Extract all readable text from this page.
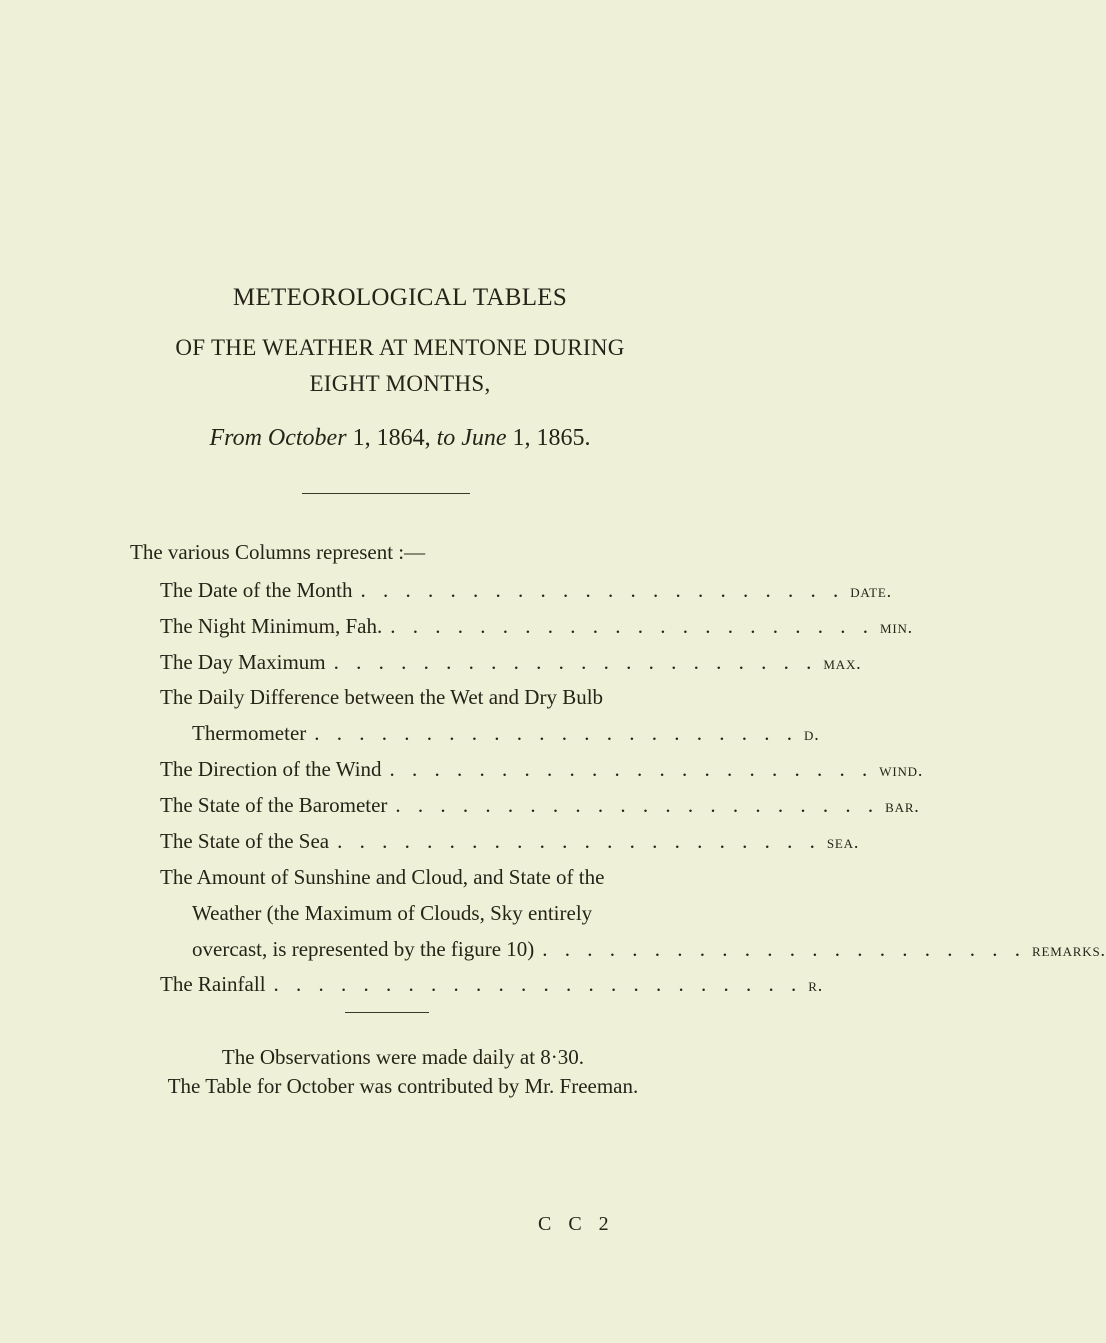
METEOROLOGICAL TABLES
OF THE WEATHER AT MENTONE DURING
EIGHT MONTHS,
From October 1, 1864, to June 1, 1865.
The various Columns represent :—
The Date of the Month . . . . . . . . . . . . . . . . . . . . . . date.
The Night Minimum, Fah. . . . . . . . . . . . . . . . . . . . . . . min.
The Day Maximum . . . . . . . . . . . . . . . . . . . . . . max.
The Daily Difference between the Wet and Dry Bulb
Thermometer . . . . . . . . . . . . . . . . . . . . . . d.
The Direction of the Wind . . . . . . . . . . . . . . . . . . . . . . wind.
The State of the Barometer . . . . . . . . . . . . . . . . . . . . . . bar.
The State of the Sea . . . . . . . . . . . . . . . . . . . . . . sea.
The Amount of Sunshine and Cloud, and State of the
Weather (the Maximum of Clouds, Sky entirely
overcast, is represented by the figure 10) . . . . . . . . . . . . . . . . . . . . . . remarks.
The Rainfall . . . . . . . . . . . . . . . . . . . . . . . . r.
The Observations were made daily at 8·30.
The Table for October was contributed by Mr. Freeman.
C C 2
